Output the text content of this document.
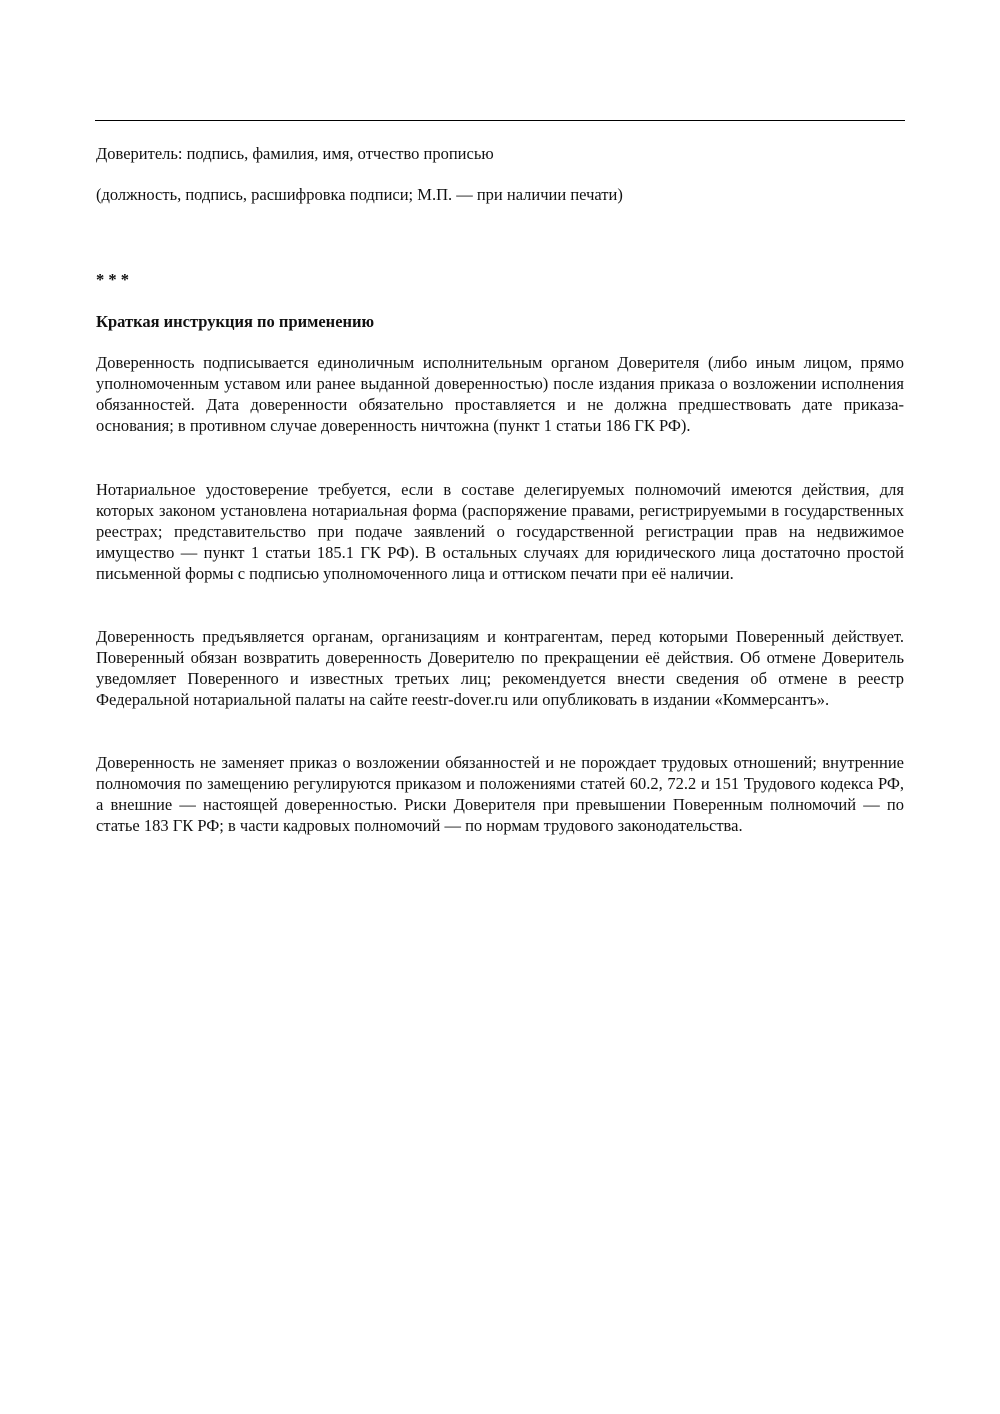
Доверитель: подпись, фамилия, имя, отчество прописью
(должность, подпись, расшифровка подписи; М.П. — при наличии печати)
* * *
Краткая инструкция по применению

Доверенность подписывается единоличным исполнительным органом Доверителя (либо иным лицом, прямо уполномоченным уставом или ранее выданной доверенностью) после издания приказа о возложении исполнения обязанностей. Дата доверенности обязательно проставляется и не должна предшествовать дате приказа-основания; в противном случае доверенность ничтожна (пункт 1 статьи 186 ГК РФ).

Нотариальное удостоверение требуется, если в составе делегируемых полномочий имеются действия, для которых законом установлена нотариальная форма (распоряжение правами, регистрируемыми в государственных реестрах; представительство при подаче заявлений о государственной регистрации прав на недвижимое имущество — пункт 1 статьи 185.1 ГК РФ). В остальных случаях для юридического лица достаточно простой письменной формы с подписью уполномоченного лица и оттиском печати при её наличии.

Доверенность предъявляется органам, организациям и контрагентам, перед которыми Поверенный действует. Поверенный обязан возвратить доверенность Доверителю по прекращении её действия. Об отмене Доверитель уведомляет Поверенного и известных третьих лиц; рекомендуется внести сведения об отмене в реестр Федеральной нотариальной палаты на сайте reestr-dover.ru или опубликовать в издании «Коммерсантъ».

Доверенность не заменяет приказ о возложении обязанностей и не порождает трудовых отношений; внутренние полномочия по замещению регулируются приказом и положениями статей 60.2, 72.2 и 151 Трудового кодекса РФ, а внешние — настоящей доверенностью. Риски Доверителя при превышении Поверенным полномочий — по статье 183 ГК РФ; в части кадровых полномочий — по нормам трудового законодательства.
